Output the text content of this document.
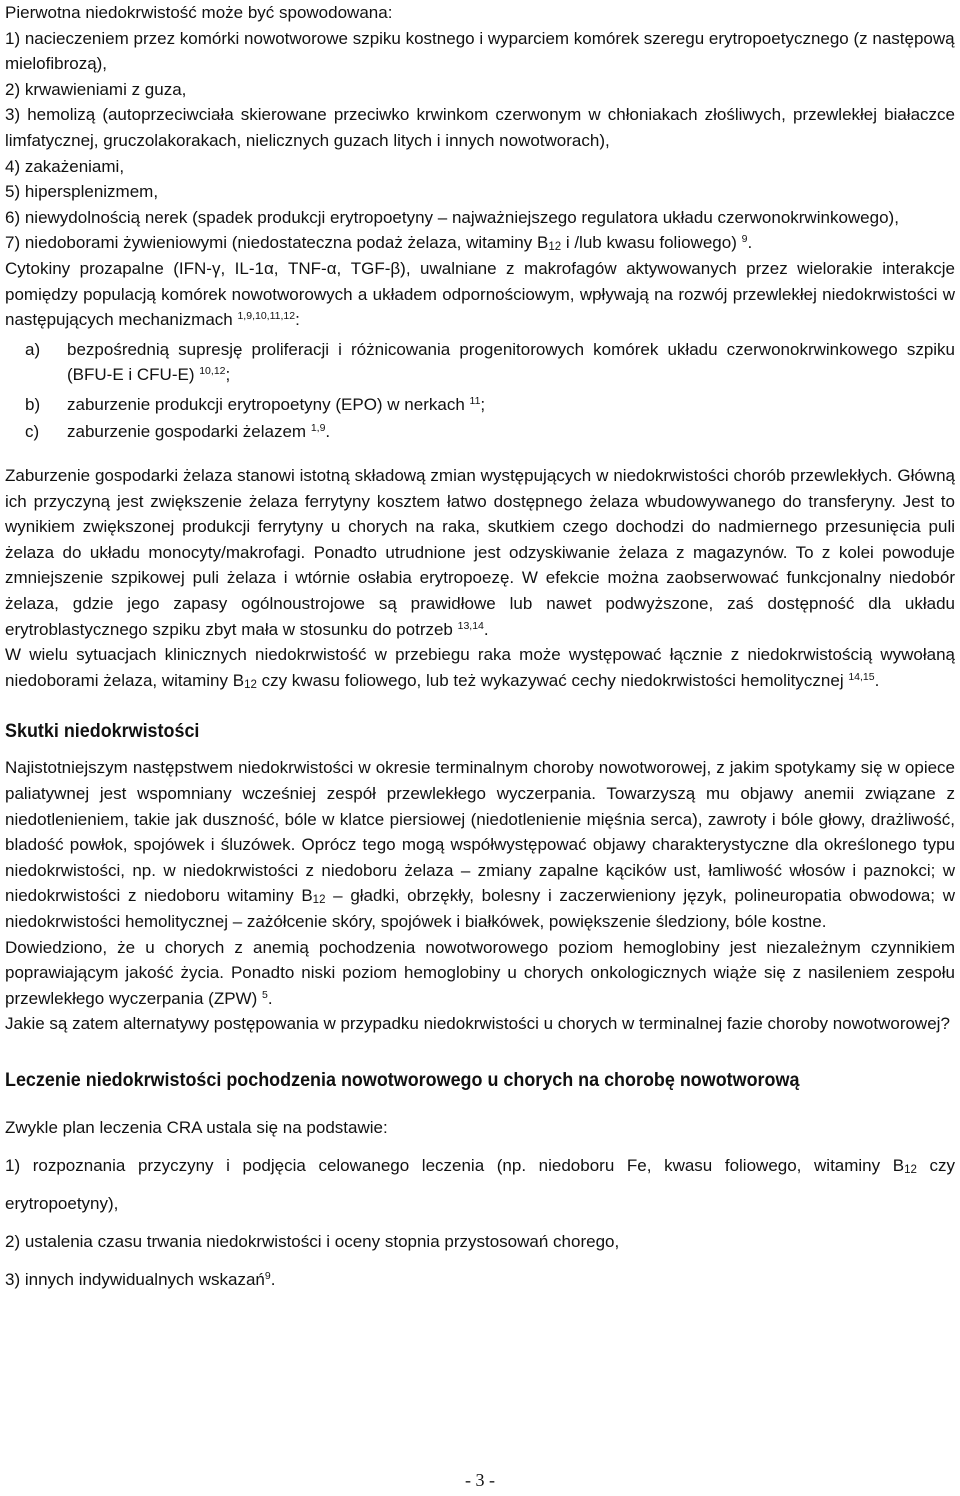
Pierwotna niedokrwistość może być spowodowana:

1) nacieczeniem przez komórki nowotworowe szpiku kostnego i wyparciem komórek szeregu erytropoetycznego (z następową mielofibrozą),

2) krwawieniami z guza,

3) hemolizą (autoprzeciwciała skierowane przeciwko krwinkom czerwonym w chłoniakach złośliwych, przewlekłej białaczce limfatycznej, gruczolakorakach, nielicznych guzach litych i innych nowotworach),

4) zakażeniami,

5) hipersplenizmem,

6) niewydolnością nerek (spadek produkcji erytropoetyny – najważniejszego regulatora układu czerwonokrwinkowego),

7) niedoborami żywieniowymi (niedostateczna podaż żelaza, witaminy $B_{12}$ i /lub kwasu foliowego) $^9$.

Cytokiny prozapalne (IFN-γ, IL-1α, TNF-α, TGF-β), uwalniane z makrofagów aktywowanych przez wielorakie interakcje pomiędzy populacją komórek nowotworowych a układem odpornościowym, wpływają na rozwój przewlekłej niedokrwistości w następujących mechanizmach $^{1,9,10,11,12}$:

a) bezpośrednią supresję proliferacji i różnicowania progenitorowych komórek układu czerwonokrwinkowego szpiku (BFU-E i CFU-E) $^{10,12}$;

b) zaburzenie produkcji erytropoetyny (EPO) w nerkach $^{11}$;

c) zaburzenie gospodarki żelazem $^{1,9}$.

Zaburzenie gospodarki żelaza stanowi istotną składową zmian występujących w niedokrwistości chorób przewlekłych. Główną ich przyczyną jest zwiększenie żelaza ferrytyny kosztem łatwo dostępnego żelaza wbudowywanego do transferyny. Jest to wynikiem zwiększonej produkcji ferrytyny u chorych na raka, skutkiem czego dochodzi do nadmiernego przesunięcia puli żelaza do układu monocyty/makrofagi. Ponadto utrudnione jest odzyskiwanie żelaza z magazynów. To z kolei powoduje zmniejszenie szpikowej puli żelaza i wtórnie osłabia erytropoezę. W efekcie można zaobserwować funkcjonalny niedobór żelaza, gdzie jego zapasy ogólnoustrojowe są prawidłowe lub nawet podwyższone, zaś dostępność dla układu erytroblastycznego szpiku zbyt mała w stosunku do potrzeb $^{13,14}$.

W wielu sytuacjach klinicznych niedokrwistość w przebiegu raka może występować łącznie z niedokrwistością wywołaną niedoborami żelaza, witaminy $B_{12}$ czy kwasu foliowego, lub też wykazywać cechy niedokrwistości hemolitycznej $^{14,15}$.

Skutki niedokrwistości

Najistotniejszym następstwem niedokrwistości w okresie terminalnym choroby nowotworowej, z jakim spotykamy się w opiece paliatywnej jest wspomniany wcześniej zespół przewlekłego wyczerpania. Towarzyszą mu objawy anemii związane z niedotlenieniem, takie jak duszność, bóle w klatce piersiowej (niedotlenienie mięśnia serca), zawroty i bóle głowy, drażliwość, bladość powłok, spojówek i śluzówek. Oprócz tego mogą współwystępować objawy charakterystyczne dla określonego typu niedokrwistości, np. w niedokrwistości z niedoboru żelaza – zmiany zapalne kącików ust, łamliwość włosów i paznokci; w niedokrwistości z niedoboru witaminy $B_{12}$ – gładki, obrzękły, bolesny i zaczerwieniony język, polineuropatia obwodowa; w niedokrwistości hemolitycznej – zażółcenie skóry, spojówek i białkówek, powiększenie śledziony, bóle kostne.

Dowiedziono, że u chorych z anemią pochodzenia nowotworowego poziom hemoglobiny jest niezależnym czynnikiem poprawiającym jakość życia. Ponadto niski poziom hemoglobiny u chorych onkologicznych wiąże się z nasileniem zespołu przewlekłego wyczerpania (ZPW) $^5$.

Jakie są zatem alternatywy postępowania w przypadku niedokrwistości u chorych w terminalnej fazie choroby nowotworowej?

Leczenie niedokrwistości pochodzenia nowotworowego u chorych na chorobę nowotworową

Zwykle plan leczenia CRA ustala się na podstawie:

1) rozpoznania przyczyny i podjęcia celowanego leczenia (np. niedoboru Fe, kwasu foliowego, witaminy $B_{12}$ czy erytropoetyny),

2) ustalenia czasu trwania niedokrwistości i oceny stopnia przystosowań chorego,

3) innych indywidualnych wskazań$^9$.

- 3 -
